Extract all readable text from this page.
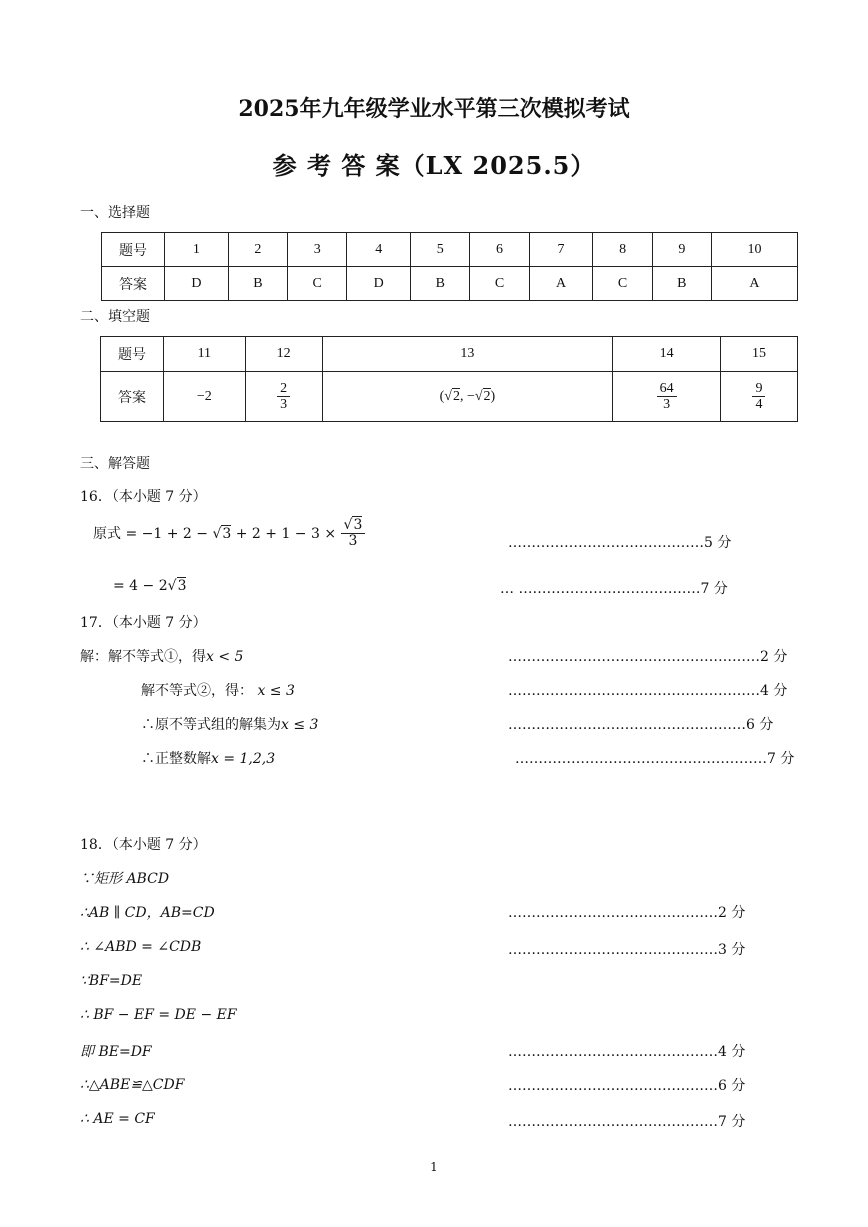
2025年九年级学业水平第三次模拟考试
参 考 答 案（LX 2025.5）
一、选择题
题号	1	2	3	4	5	6	7	8	9	10
答案	D	B	C	D	B	C	A	C	B	A
二、填空题
题号	11	12	13	14	15
答案	−2	$\frac{2}{3}$	(√2, −√2)	$\frac{64}{3}$	$\frac{9}{4}$
三、解答题
16．（本小题 7 分）
原式 = $-1 + 2 - √3 + 2 + 1 - 3 \times \frac{√3}{3}$	……………………………………5 分
= 4 − 2√3	… …………………………………7 分
17．（本小题 7 分）
解：解不等式①，得x < 5	………………………………………………2 分
解不等式②，得： x ≤ 3	………………………………………………4 分
∴原不等式组的解集为x ≤ 3	……………………………………………6 分
∴正整数解x = 1,2,3	………………………………………………7 分
18．（本小题 7 分）
∵矩形 ABCD
∴AB ∥ CD，AB=CD	………………………………………2 分
∴ ∠ABD = ∠CDB	………………………………………3 分
∵BF=DE
∴ BF − EF = DE − EF
即 BE=DF	………………………………………4 分
∴△ABE≌△CDF	………………………………………6 分
∴ AE = CF	………………………………………7 分
1
